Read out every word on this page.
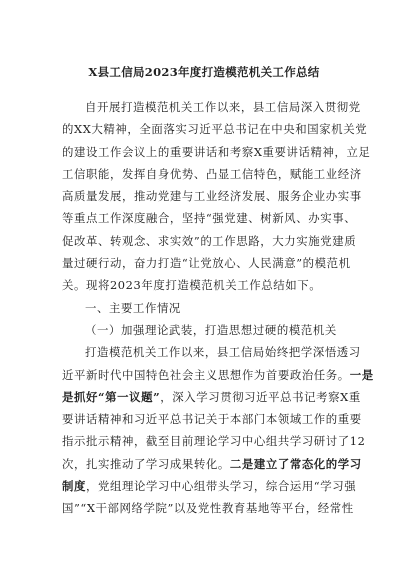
X县工信局2023年度打造模范机关工作总结
自开展打造模范机关工作以来，县工信局深入贯彻党
的XX大精神，全面落实习近平总书记在中央和国家机关党
的建设工作会议上的重要讲话和考察X重要讲话精神，立足
工信职能，发挥自身优势、凸显工信特色，赋能工业经济
高质量发展，推动党建与工业经济发展、服务企业办实事
等重点工作深度融合，坚持“强党建、树新风、办实事、
促改革、转观念、求实效”的工作思路，大力实施党建质
量过硬行动，奋力打造“让党放心、人民满意”的模范机
关。现将2023年度打造模范机关工作总结如下。
一、主要工作情况
（一）加强理论武装，打造思想过硬的模范机关
打造模范机关工作以来，县工信局始终把学深悟透习
近平新时代中国特色社会主义思想作为首要政治任务。一是
是抓好“第一议题”，深入学习贯彻习近平总书记考察X重
要讲话精神和习近平总书记关于本部门本领域工作的重要
指示批示精神，截至目前理论学习中心组共学习研讨了12
次，扎实推动了学习成果转化。二是建立了常态化的学习
制度，党组理论学习中心组带头学习，综合运用“学习强
国”“X干部网络学院”以及党性教育基地等平台，经常性
